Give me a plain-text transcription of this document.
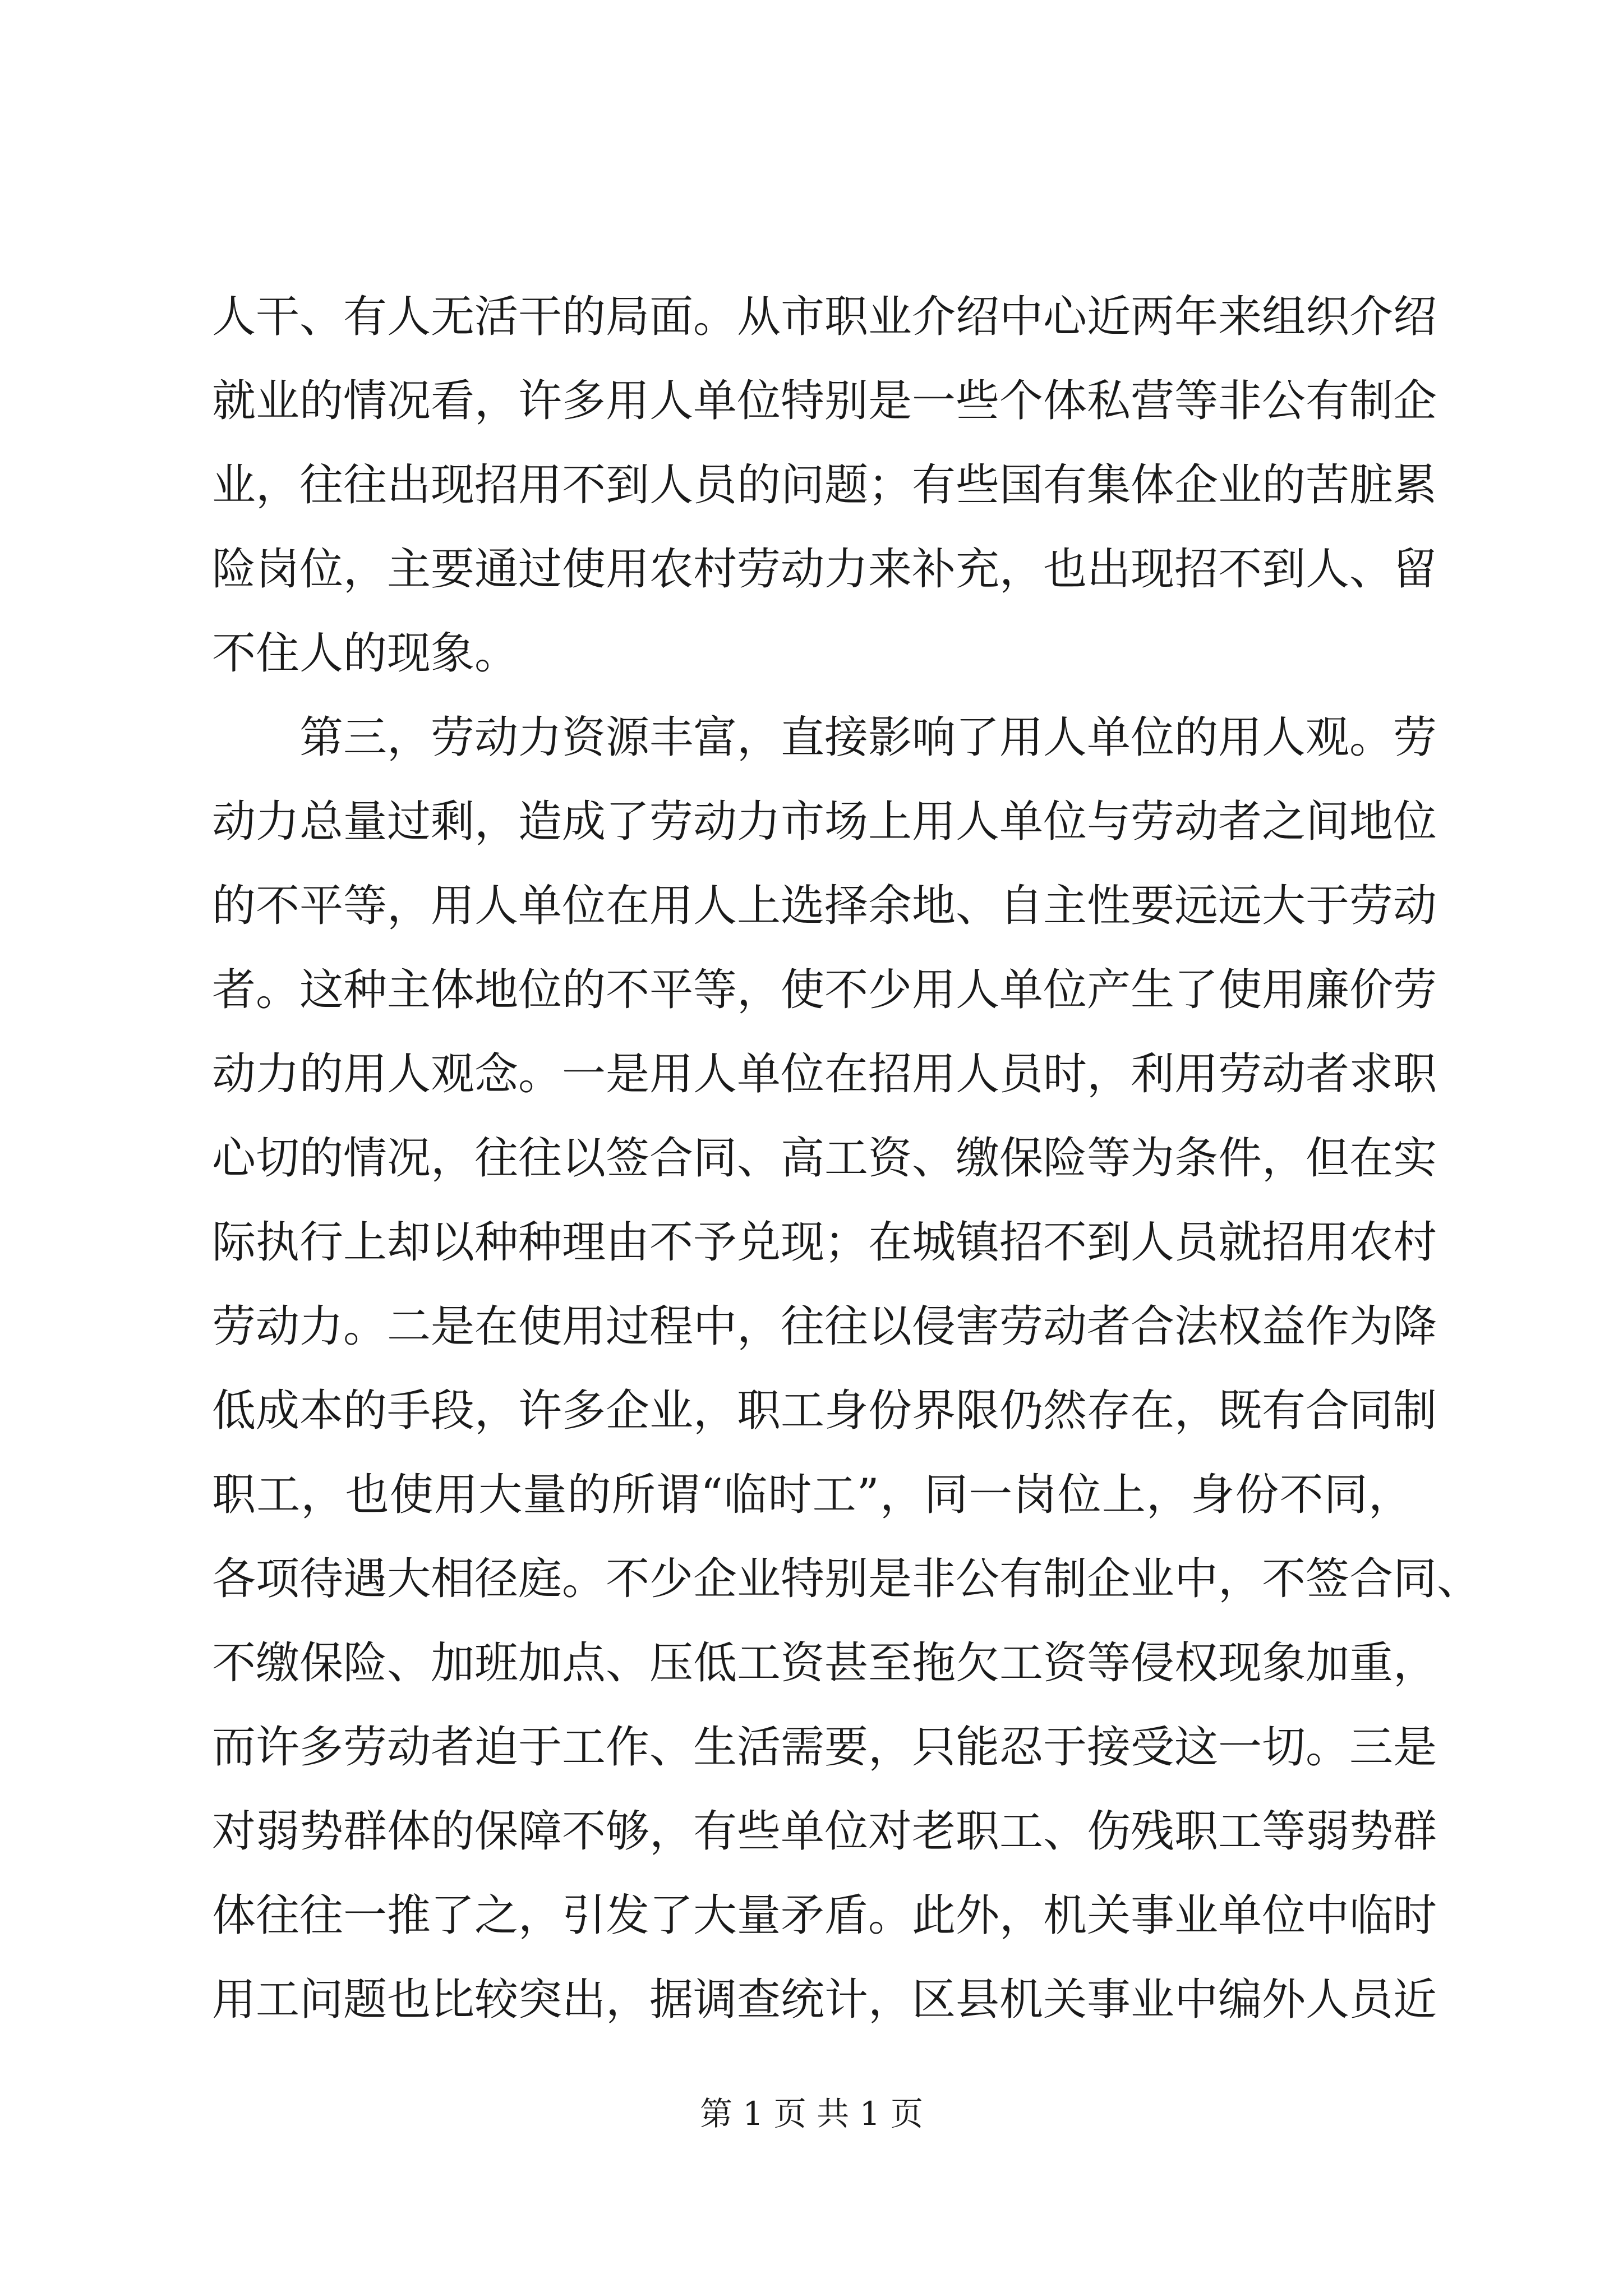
人干、有人无活干的局面。从市职业介绍中心近两年来组织介绍
就业的情况看，许多用人单位特别是一些个体私营等非公有制企
业，往往出现招用不到人员的问题；有些国有集体企业的苦脏累
险岗位，主要通过使用农村劳动力来补充，也出现招不到人、留
不住人的现象。
第三，劳动力资源丰富，直接影响了用人单位的用人观。劳
动力总量过剩，造成了劳动力市场上用人单位与劳动者之间地位
的不平等，用人单位在用人上选择余地、自主性要远远大于劳动
者。这种主体地位的不平等，使不少用人单位产生了使用廉价劳
动力的用人观念。一是用人单位在招用人员时，利用劳动者求职
心切的情况，往往以签合同、高工资、缴保险等为条件，但在实
际执行上却以种种理由不予兑现；在城镇招不到人员就招用农村
劳动力。二是在使用过程中，往往以侵害劳动者合法权益作为降
低成本的手段，许多企业，职工身份界限仍然存在，既有合同制
职工，也使用大量的所谓“临时工”，同一岗位上，身份不同，
各项待遇大相径庭。不少企业特别是非公有制企业中，不签合同、
不缴保险、加班加点、压低工资甚至拖欠工资等侵权现象加重，
而许多劳动者迫于工作、生活需要，只能忍于接受这一切。三是
对弱势群体的保障不够，有些单位对老职工、伤残职工等弱势群
体往往一推了之，引发了大量矛盾。此外，机关事业单位中临时
用工问题也比较突出，据调查统计，区县机关事业中编外人员近
第 1 页 共 1 页
